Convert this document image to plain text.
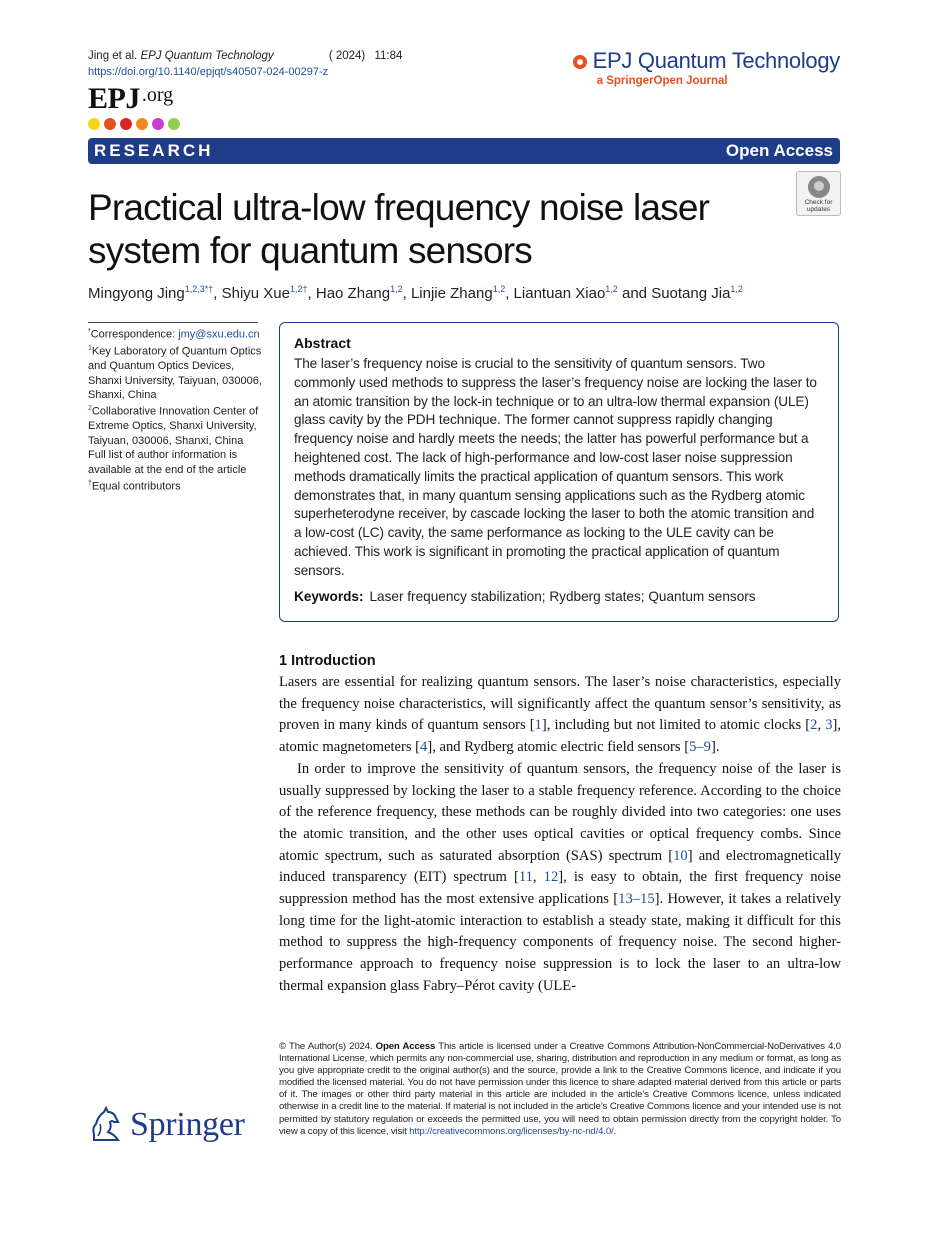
Jing et al. EPJ Quantum Technology	( 2024) 11:84
https://doi.org/10.1140/epjqt/s40507-024-00297-z
EPJ .org
EPJ Quantum Technology
a SpringerOpen Journal
RESEARCH	Open Access
Check for
updates
Practical ultra-low frequency noise laser system for quantum sensors
Mingyong Jing$^{1,2,3*\dagger}$, Shiyu Xue$^{1,2\dagger}$, Hao Zhang$^{1,2}$, Linjie Zhang$^{1,2}$, Liantuan Xiao$^{1,2}$ and Suotang Jia$^{1,2}$

*Correspondence: jmy@sxu.edu.cn

$^1$Key Laboratory of Quantum Optics and Quantum Optics Devices, Shanxi University, Taiyuan, 030006, Shanxi, China

$^2$Collaborative Innovation Center of Extreme Optics, Shanxi University, Taiyuan, 030006, Shanxi, China

Full list of author information is available at the end of the article

†Equal contributors

Abstract
The laser’s frequency noise is crucial to the sensitivity of quantum sensors. Two commonly used methods to suppress the laser’s frequency noise are locking the laser to an atomic transition by the lock-in technique or to an ultra-low thermal expansion (ULE) glass cavity by the PDH technique. The former cannot suppress rapidly changing frequency noise and hardly meets the needs; the latter has powerful performance but a heightened cost. The lack of high-performance and low-cost laser noise suppression methods dramatically limits the practical application of quantum sensors. This work demonstrates that, in many quantum sensing applications such as the Rydberg atomic superheterodyne receiver, by cascade locking the laser to both the atomic transition and a low-cost (LC) cavity, the same performance as locking to the ULE cavity can be achieved. This work is significant in promoting the practical application of quantum sensors.
Keywords: Laser frequency stabilization; Rydberg states; Quantum sensors
1 Introduction

Lasers are essential for realizing quantum sensors. The laser’s noise characteristics, especially the frequency noise characteristics, will significantly affect the quantum sensor’s sensitivity, as proven in many kinds of quantum sensors [1], including but not limited to atomic clocks [2, 3], atomic magnetometers [4], and Rydberg atomic electric field sensors [5–9].

In order to improve the sensitivity of quantum sensors, the frequency noise of the laser is usually suppressed by locking the laser to a stable frequency reference. According to the choice of the reference frequency, these methods can be roughly divided into two categories: one uses the atomic transition, and the other uses optical cavities or optical frequency combs. Since atomic spectrum, such as saturated absorption (SAS) spectrum [10] and electromagnetically induced transparency (EIT) spectrum [11, 12], is easy to obtain, the first frequency noise suppression method has the most extensive applications [13–15]. However, it takes a relatively long time for the light-atomic interaction to establish a steady state, making it difficult for this method to suppress the high-frequency components of frequency noise. The second higher-performance approach to frequency noise suppression is to lock the laser to an ultra-low thermal expansion glass Fabry–Pérot cavity (ULE-

© The Author(s) 2024. Open Access This article is licensed under a Creative Commons Attribution-NonCommercial-NoDerivatives 4.0 International License, which permits any non-commercial use, sharing, distribution and reproduction in any medium or format, as long as you give appropriate credit to the original author(s) and the source, provide a link to the Creative Commons licence, and indicate if you modified the licensed material. You do not have permission under this licence to share adapted material derived from this article or parts of it. The images or other third party material in this article are included in the article’s Creative Commons licence, unless indicated otherwise in a credit line to the material. If material is not included in the article’s Creative Commons licence and your intended use is not permitted by statutory regulation or exceeds the permitted use, you will need to obtain permission directly from the copyright holder. To view a copy of this licence, visit http://creativecommons.org/licenses/by-nc-nd/4.0/.
Springer
